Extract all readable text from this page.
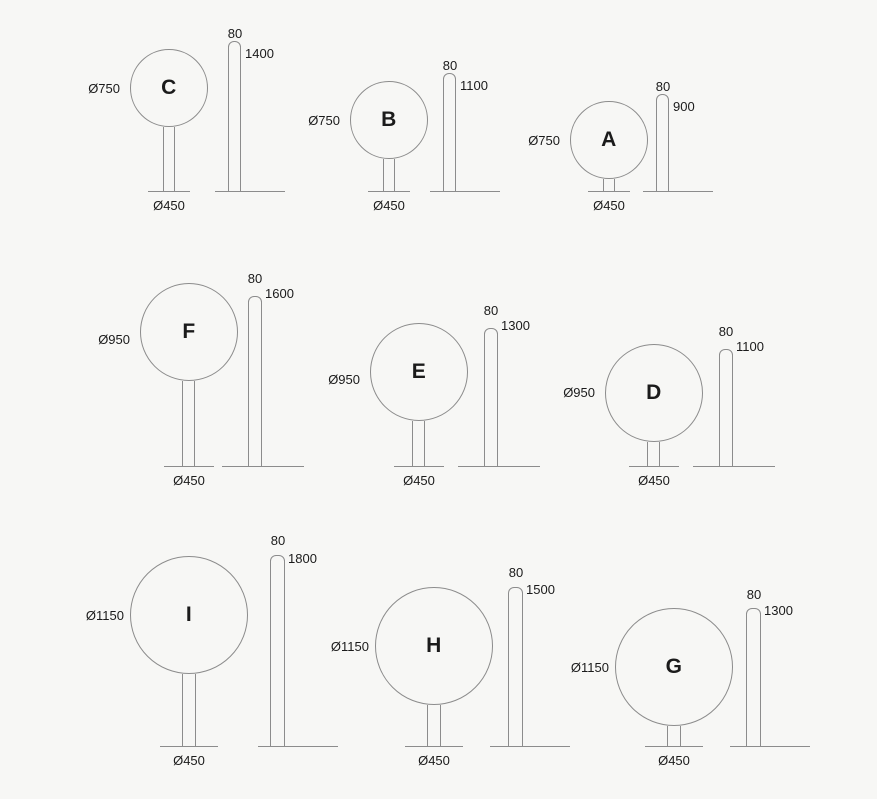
C
Ø750
Ø450
80
1400
B
Ø750
Ø450
80
1100
A
Ø750
Ø450
80
900
F
Ø950
Ø450
80
1600
E
Ø950
Ø450
80
1300
D
Ø950
Ø450
80
1100
I
Ø1150
Ø450
80
1800
H
Ø1150
Ø450
80
1500
G
Ø1150
Ø450
80
1300
